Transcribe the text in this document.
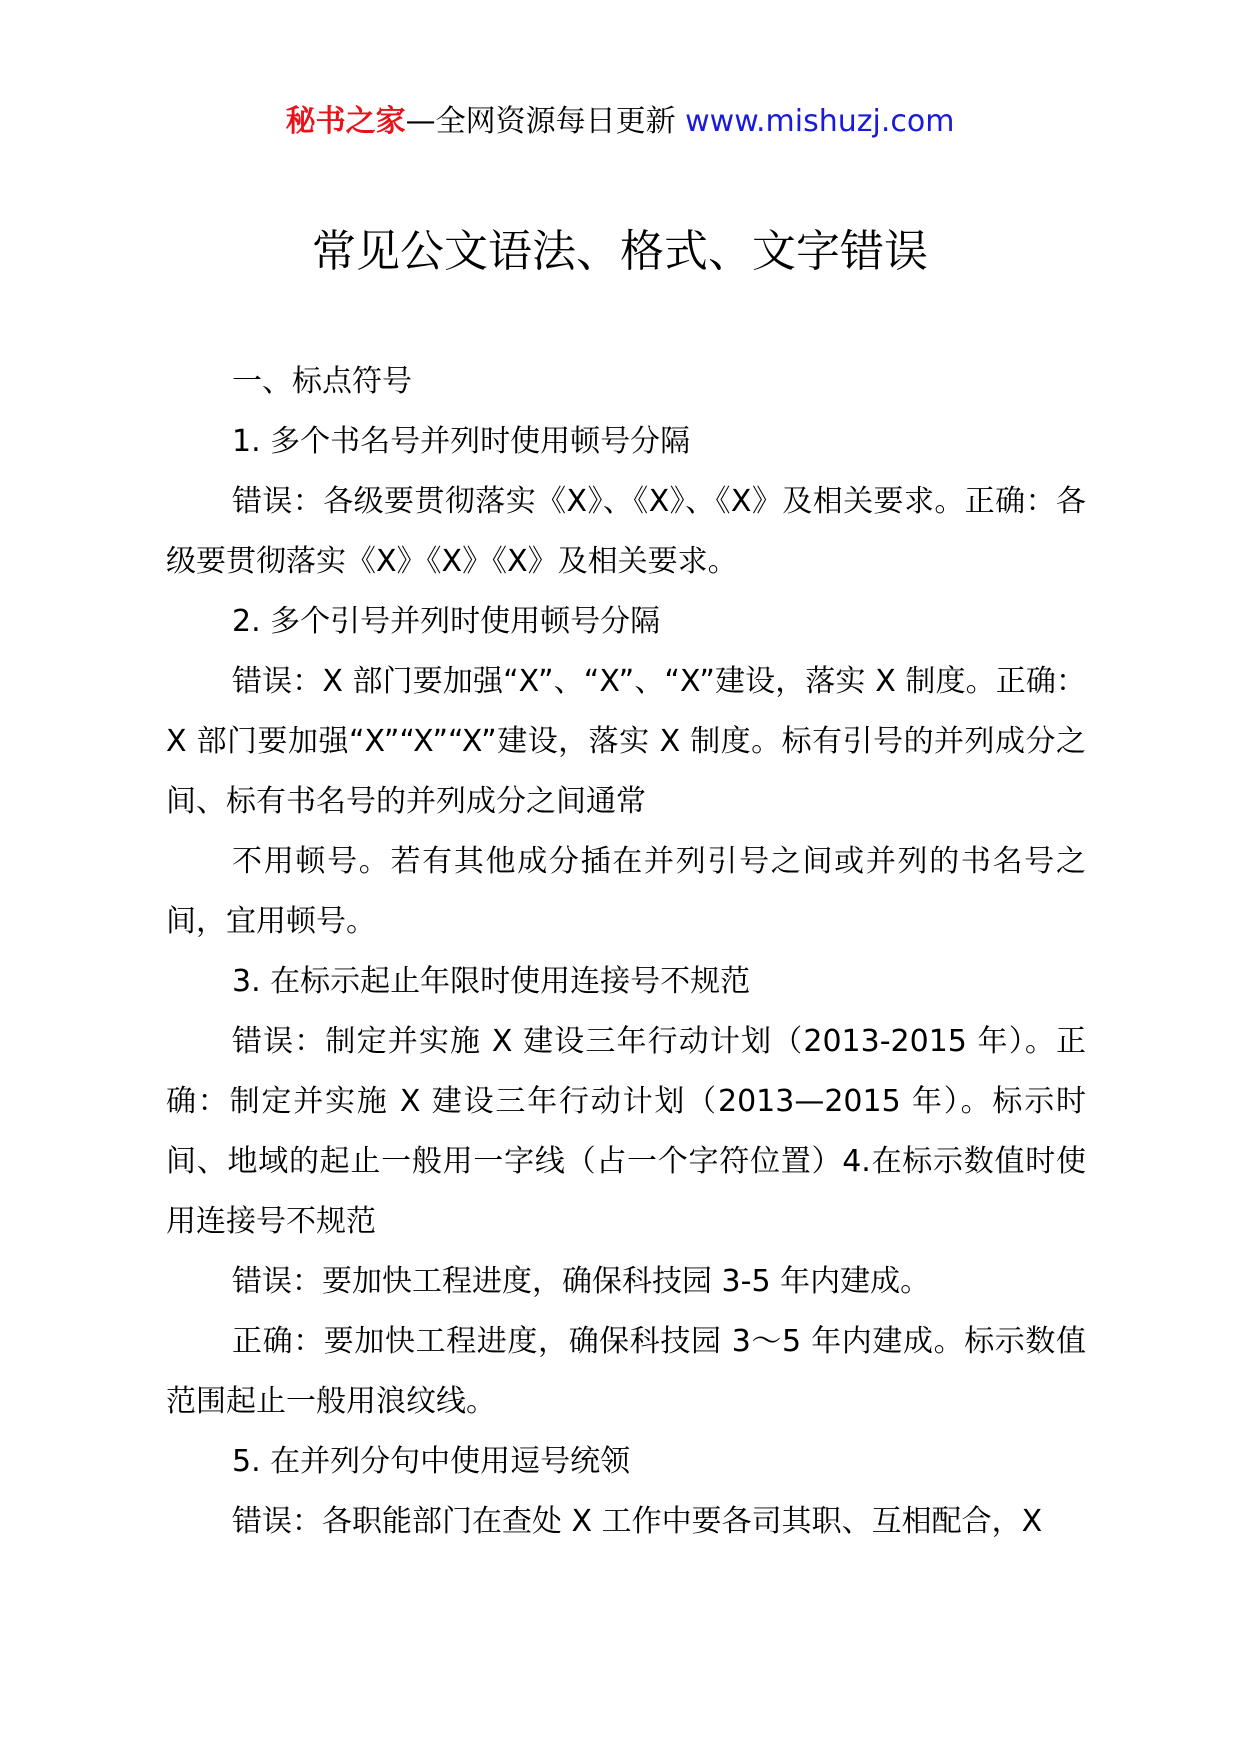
秘书之家—全网资源每日更新 www.mishuzj.com
常见公文语法、格式、文字错误

一、标点符号

1. 多个书名号并列时使用顿号分隔

错误：各级要贯彻落实《X》、《X》、《X》及相关要求。正确：各级要贯彻落实《X》《X》《X》及相关要求。

2. 多个引号并列时使用顿号分隔

错误：X 部门要加强“X”、“X”、“X”建设，落实 X 制度。正确：X 部门要加强“X”“X”“X”建设，落实 X 制度。标有引号的并列成分之间、标有书名号的并列成分之间通常

不用顿号。若有其他成分插在并列引号之间或并列的书名号之间，宜用顿号。

3. 在标示起止年限时使用连接号不规范

错误：制定并实施 X 建设三年行动计划（2013-2015 年）。正确：制定并实施 X 建设三年行动计划（2013—2015 年）。标示时间、地域的起止一般用一字线（占一个字符位置）4.在标示数值时使用连接号不规范

错误：要加快工程进度，确保科技园 3-5 年内建成。

正确：要加快工程进度，确保科技园 3～5 年内建成。标示数值范围起止一般用浪纹线。

5. 在并列分句中使用逗号统领

错误：各职能部门在查处 X 工作中要各司其职、互相配合，X
